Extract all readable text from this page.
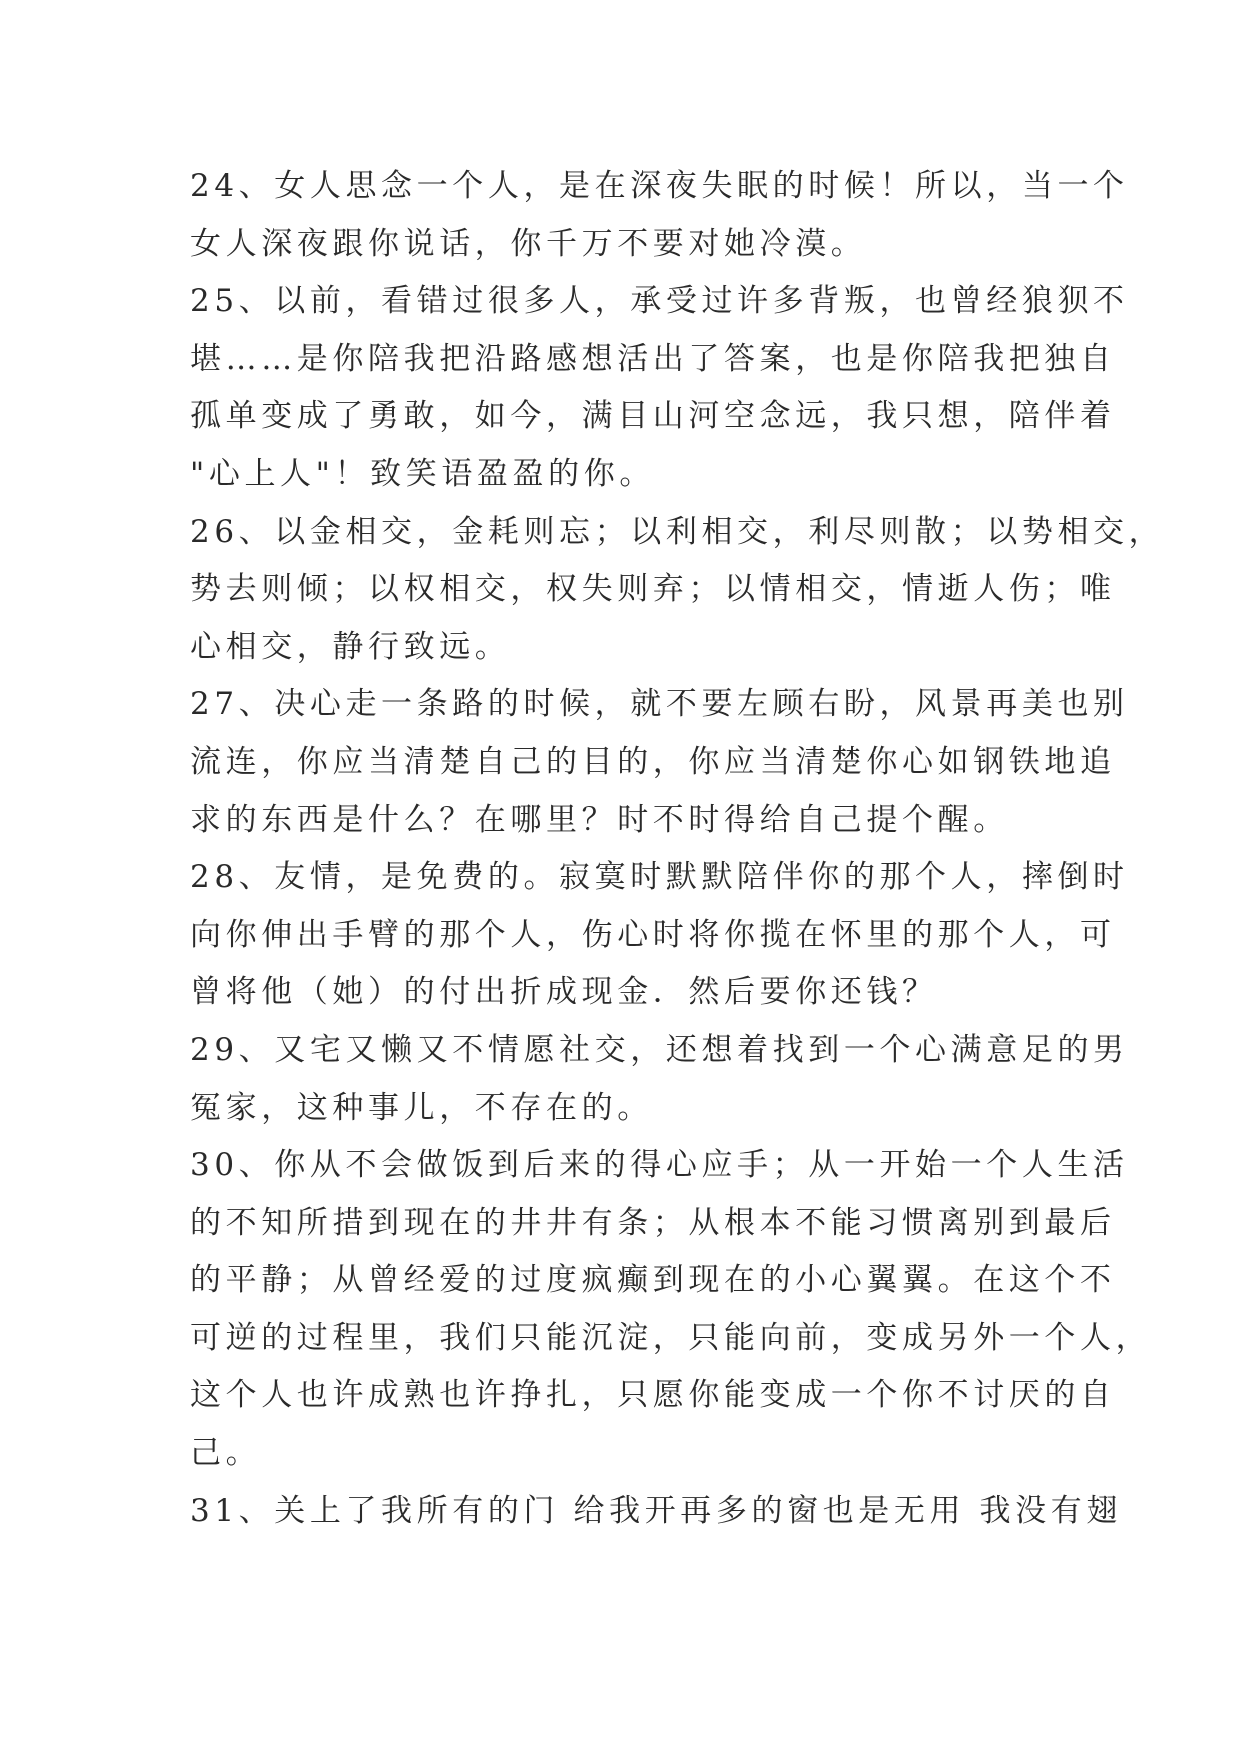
24、女人思念一个人，是在深夜失眠的时候！所以，当一个
女人深夜跟你说话，你千万不要对她冷漠。
25、以前，看错过很多人，承受过许多背叛，也曾经狼狈不
堪……是你陪我把沿路感想活出了答案，也是你陪我把独自
孤单变成了勇敢，如今，满目山河空念远，我只想，陪伴着
"心上人"！致笑语盈盈的你。
26、以金相交，金耗则忘；以利相交，利尽则散；以势相交，
势去则倾；以权相交，权失则弃；以情相交，情逝人伤；唯
心相交，静行致远。
27、决心走一条路的时候，就不要左顾右盼，风景再美也别
流连，你应当清楚自己的目的，你应当清楚你心如钢铁地追
求的东西是什么？在哪里？时不时得给自己提个醒。
28、友情，是免费的。寂寞时默默陪伴你的那个人，摔倒时
向你伸出手臂的那个人，伤心时将你揽在怀里的那个人，可
曾将他（她）的付出折成现金．然后要你还钱？
29、又宅又懒又不情愿社交，还想着找到一个心满意足的男
冤家，这种事儿，不存在的。
30、你从不会做饭到后来的得心应手；从一开始一个人生活
的不知所措到现在的井井有条；从根本不能习惯离别到最后
的平静；从曾经爱的过度疯癫到现在的小心翼翼。在这个不
可逆的过程里，我们只能沉淀，只能向前，变成另外一个人，
这个人也许成熟也许挣扎，只愿你能变成一个你不讨厌的自
己。
31、关上了我所有的门 给我开再多的窗也是无用 我没有翅
